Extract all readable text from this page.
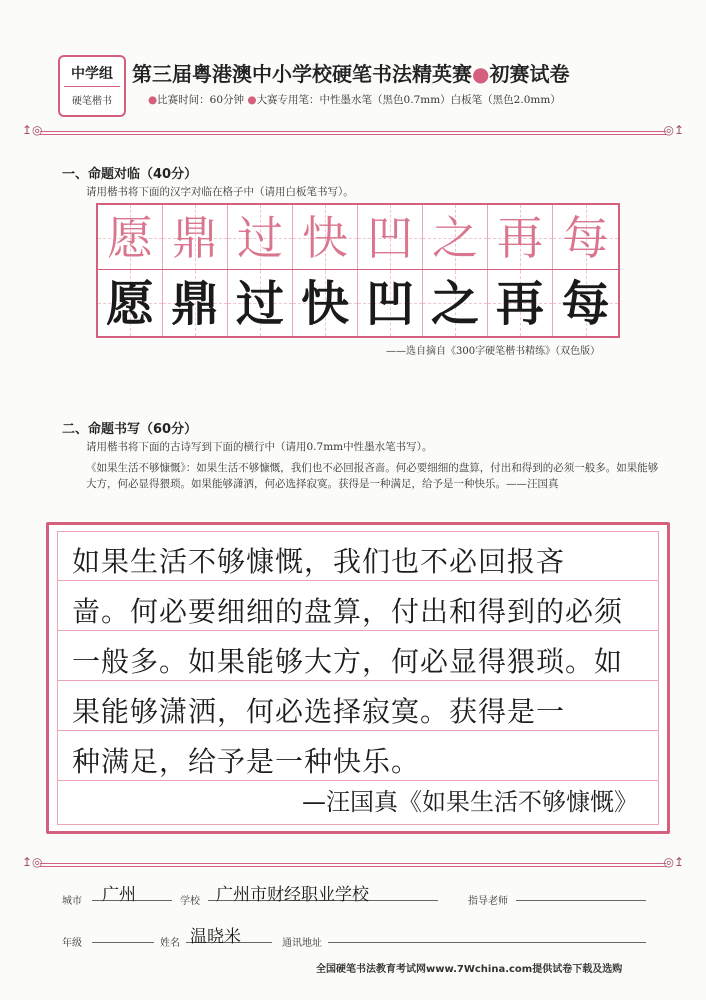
中学组
硬笔楷书
第三届粤港澳中小学校硬笔书法精英赛●初赛试卷
●比赛时间：60分钟 ●大赛专用笔：中性墨水笔（黑色0.7mm）白板笔（黑色2.0mm）
↥◎	◎↥
一、命题对临（40分）
请用楷书将下面的汉字对临在格子中（请用白板笔书写）。
愿 鼎 过 快 凹 之 再 每
愿 鼎 过 快 凹 之 再 每
——选自摘自《300字硬笔楷书精练》（双色版）
二、命题书写（60分）
请用楷书将下面的古诗写到下面的横行中（请用0.7mm中性墨水笔书写）。
《如果生活不够慷慨》：如果生活不够慷慨，我们也不必回报吝啬。何必要细细的盘算，付出和得到的必须一般多。如果能够大方，何必显得猥琐。如果能够潇洒，何必选择寂寞。获得是一种满足，给予是一种快乐。——汪国真
如果生活不够慷慨，我们也不必回报吝
啬。何必要细细的盘算，付出和得到的必须
一般多。如果能够大方，何必显得猥琐。如
果能够潇洒，何必选择寂寞。获得是一
种满足，给予是一种快乐。
—汪国真《如果生活不够慷慨》
↥◎	◎↥
城市 广州	学校 广州市财经职业学校	指导老师
年级	姓名 温晓米	通讯地址
全国硬笔书法教育考试网www.7Wchina.com提供试卷下载及选购
